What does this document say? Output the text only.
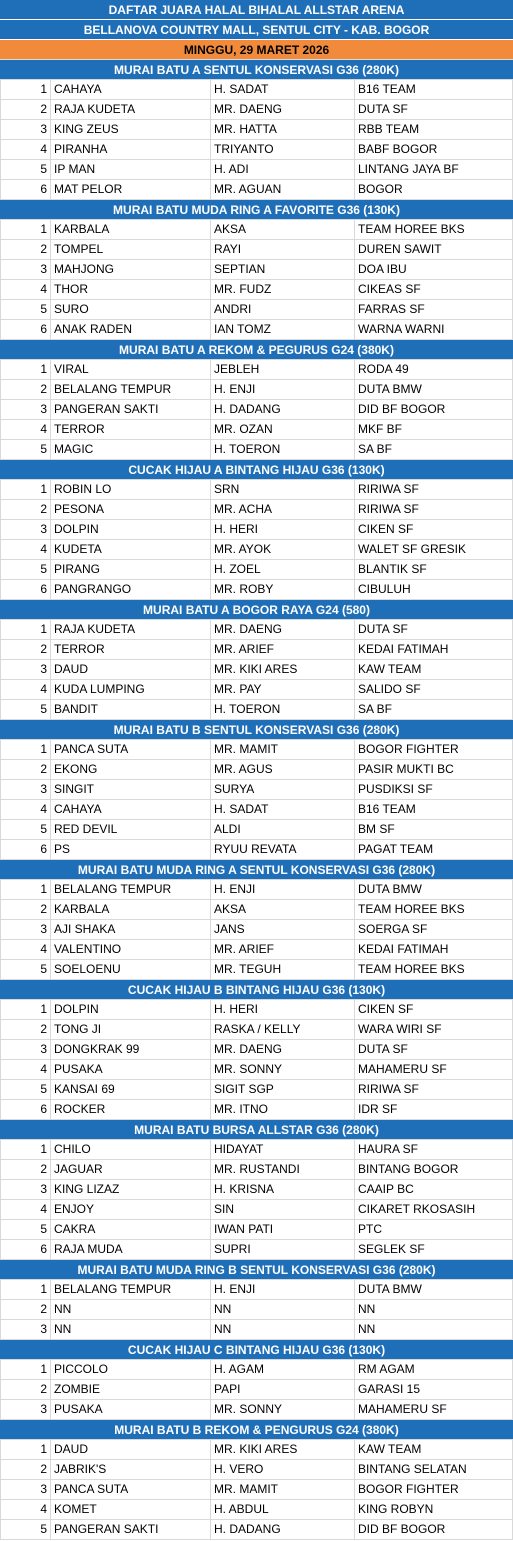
DAFTAR JUARA HALAL BIHALAL ALLSTAR ARENA
BELLANOVA COUNTRY MALL, SENTUL CITY - KAB. BOGOR
MINGGU, 29 MARET 2026
MURAI BATU A SENTUL KONSERVASI G36 (280K)
1 CAHAYA	H. SADAT	B16 TEAM
2 RAJA KUDETA	MR. DAENG	DUTA SF
3 KING ZEUS	MR. HATTA	RBB TEAM
4 PIRANHA	TRIYANTO	BABF BOGOR
5 IP MAN	H. ADI	LINTANG JAYA BF
6 MAT PELOR	MR. AGUAN	BOGOR
MURAI BATU MUDA RING A FAVORITE G36 (130K)
1 KARBALA	AKSA	TEAM HOREE BKS
2 TOMPEL	RAYI	DUREN SAWIT
3 MAHJONG	SEPTIAN	DOA IBU
4 THOR	MR. FUDZ	CIKEAS SF
5 SURO	ANDRI	FARRAS SF
6 ANAK RADEN	IAN TOMZ	WARNA WARNI
MURAI BATU A REKOM & PEGURUS G24 (380K)
1 VIRAL	JEBLEH	RODA 49
2 BELALANG TEMPUR	H. ENJI	DUTA BMW
3 PANGERAN SAKTI	H. DADANG	DID BF BOGOR
4 TERROR	MR. OZAN	MKF BF
5 MAGIC	H. TOERON	SA BF
CUCAK HIJAU A BINTANG HIJAU G36 (130K)
1 ROBIN LO	SRN	RIRIWA SF
2 PESONA	MR. ACHA	RIRIWA SF
3 DOLPIN	H. HERI	CIKEN SF
4 KUDETA	MR. AYOK	WALET SF GRESIK
5 PIRANG	H. ZOEL	BLANTIK SF
6 PANGRANGO	MR. ROBY	CIBULUH
MURAI BATU A BOGOR RAYA G24 (580)
1 RAJA KUDETA	MR. DAENG	DUTA SF
2 TERROR	MR. ARIEF	KEDAI FATIMAH
3 DAUD	MR. KIKI ARES	KAW TEAM
4 KUDA LUMPING	MR. PAY	SALIDO SF
5 BANDIT	H. TOERON	SA BF
MURAI BATU B SENTUL KONSERVASI G36 (280K)
1 PANCA SUTA	MR. MAMIT	BOGOR FIGHTER
2 EKONG	MR. AGUS	PASIR MUKTI BC
3 SINGIT	SURYA	PUSDIKSI SF
4 CAHAYA	H. SADAT	B16 TEAM
5 RED DEVIL	ALDI	BM SF
6 PS	RYUU REVATA	PAGAT TEAM
MURAI BATU MUDA RING A SENTUL KONSERVASI G36 (280K)
1 BELALANG TEMPUR	H. ENJI	DUTA BMW
2 KARBALA	AKSA	TEAM HOREE BKS
3 AJI SHAKA	JANS	SOERGA SF
4 VALENTINO	MR. ARIEF	KEDAI FATIMAH
5 SOELOENU	MR. TEGUH	TEAM HOREE BKS
CUCAK HIJAU B BINTANG HIJAU G36 (130K)
1 DOLPIN	H. HERI	CIKEN SF
2 TONG JI	RASKA / KELLY	WARA WIRI SF
3 DONGKRAK 99	MR. DAENG	DUTA SF
4 PUSAKA	MR. SONNY	MAHAMERU SF
5 KANSAI 69	SIGIT SGP	RIRIWA SF
6 ROCKER	MR. ITNO	IDR SF
MURAI BATU BURSA ALLSTAR G36 (280K)
1 CHILO	HIDAYAT	HAURA SF
2 JAGUAR	MR. RUSTANDI	BINTANG BOGOR
3 KING LIZAZ	H. KRISNA	CAAIP BC
4 ENJOY	SIN	CIKARET RKOSASIH
5 CAKRA	IWAN PATI	PTC
6 RAJA MUDA	SUPRI	SEGLEK SF
MURAI BATU MUDA RING B SENTUL KONSERVASI G36 (280K)
1 BELALANG TEMPUR	H. ENJI	DUTA BMW
2 NN	NN	NN
3 NN	NN	NN
CUCAK HIJAU C BINTANG HIJAU G36 (130K)
1 PICCOLO	H. AGAM	RM AGAM
2 ZOMBIE	PAPI	GARASI 15
3 PUSAKA	MR. SONNY	MAHAMERU SF
MURAI BATU B REKOM & PENGURUS G24 (380K)
1 DAUD	MR. KIKI ARES	KAW TEAM
2 JABRIK'S	H. VERO	BINTANG SELATAN
3 PANCA SUTA	MR. MAMIT	BOGOR FIGHTER
4 KOMET	H. ABDUL	KING ROBYN
5 PANGERAN SAKTI	H. DADANG	DID BF BOGOR
